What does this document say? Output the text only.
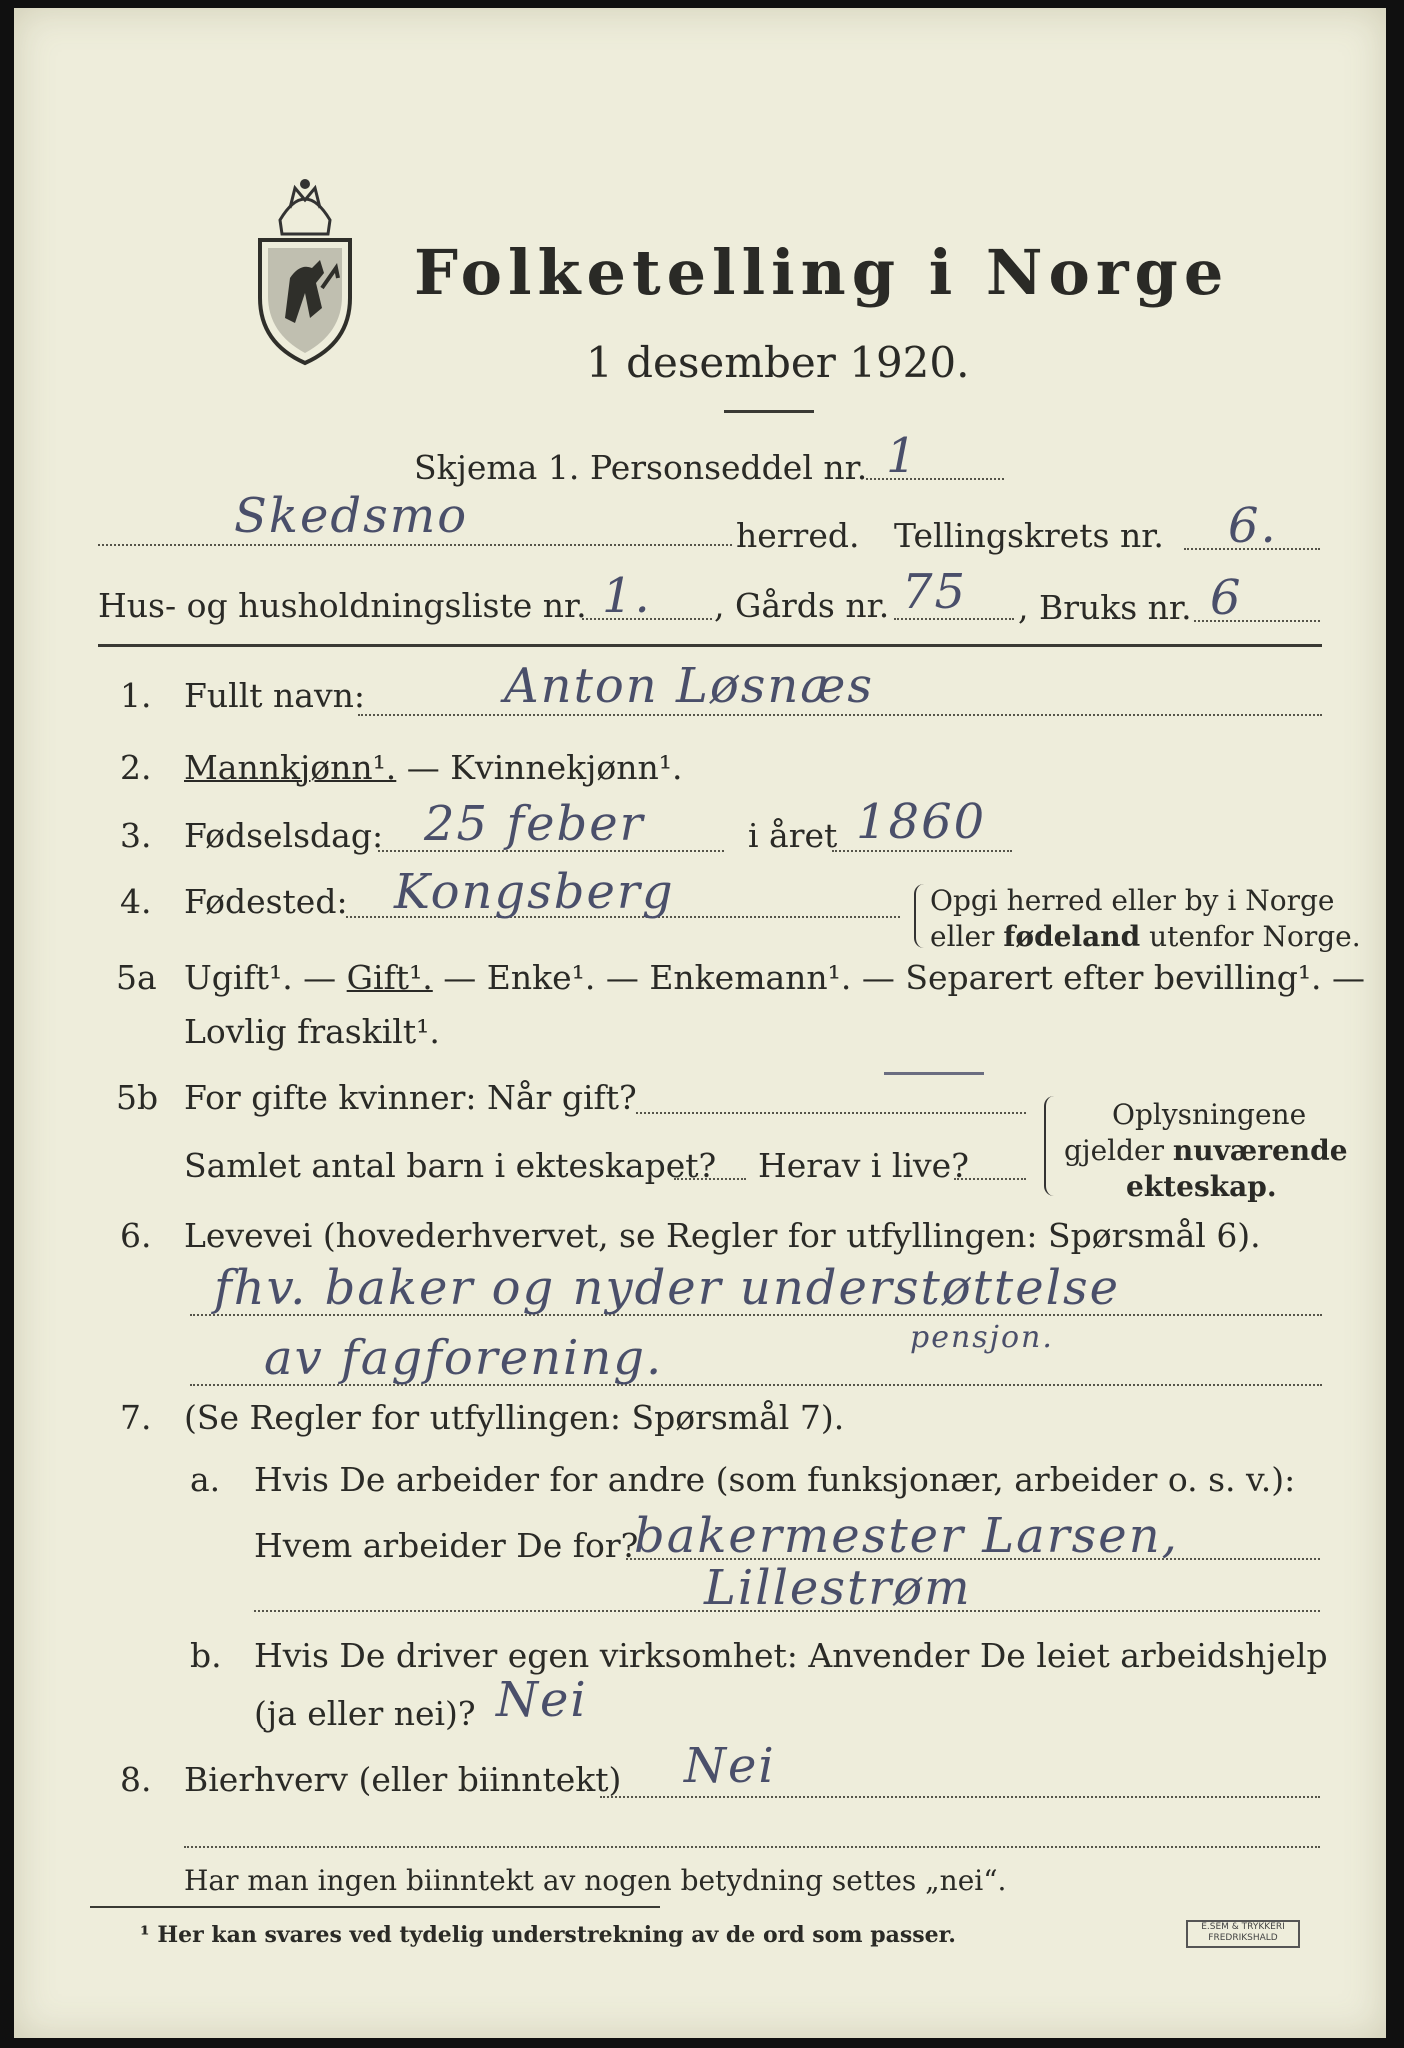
Folketelling i Norge
1 desember 1920.
Skjema 1. Personseddel nr. 1
Skedsmo	herred. Tellingskrets nr. 6.
Hus- og husholdningsliste nr. 1. , Gårds nr. 75 , Bruks nr. 6
1. Fullt navn:	Anton Løsnæs
2. Mannkjønn¹. — Kvinnekjønn¹.
3. Fødselsdag: 25 feber	i året 1860
4. Fødested: Kongsberg	Opgi herred eller by i Norge
eller fødeland utenfor Norge.
5a Ugift¹. — Gift¹. — Enke¹. — Enkemann¹. — Separert efter bevilling¹. —
Lovlig fraskilt¹.
5b For gifte kvinner: Når gift?
Samlet antal barn i ekteskapet? Herav i live?
Oplysningene
gjelder nuværende
ekteskap.
6. Levevei (hovederhvervet, se Regler for utfyllingen: Spørsmål 6).
fhv. baker og nyder understøttelse
av fagforening.	pensjon.
7. (Se Regler for utfyllingen: Spørsmål 7).
a. Hvis De arbeider for andre (som funksjonær, arbeider o. s. v.):
Hvem arbeider De for?
bakermester Larsen,
Lillestrøm
b. Hvis De driver egen virksomhet: Anvender De leiet arbeidshjelp
(ja eller nei)? Nei
8. Bierhverv (eller biinntekt) Nei
Har man ingen biinntekt av nogen betydning settes „nei“.
¹ Her kan svares ved tydelig understrekning av de ord som passer.	E.SEM & TRYKKERI
FREDRIKSHALD
